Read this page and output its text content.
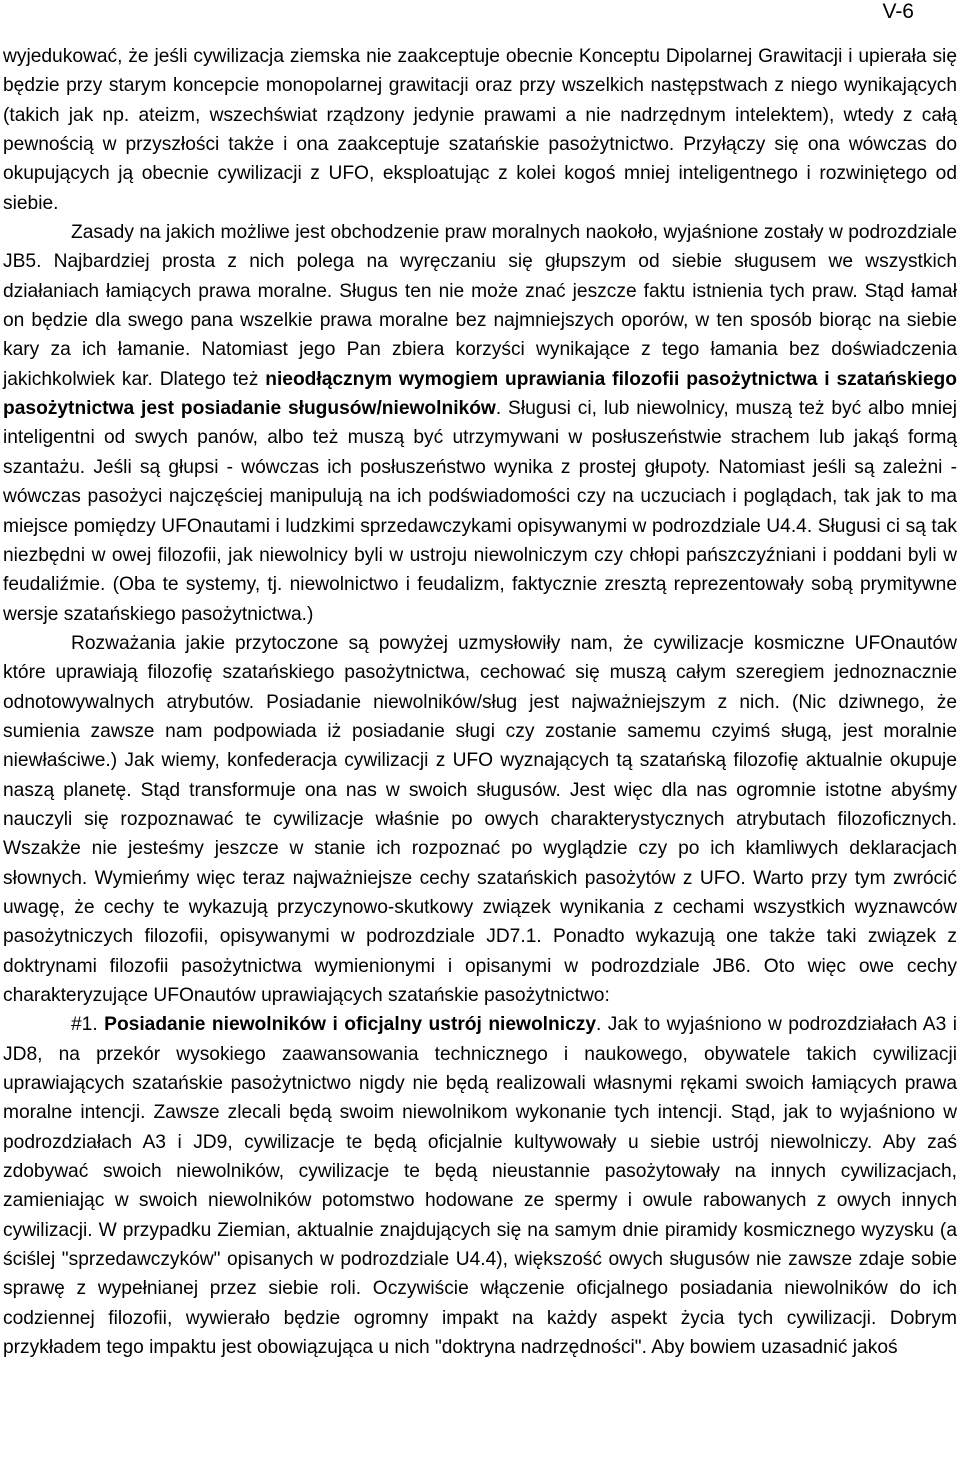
V-6

wyjedukować, że jeśli cywilizacja ziemska nie zaakceptuje obecnie Konceptu Dipolarnej Grawitacji i upierała się będzie przy starym koncepcie monopolarnej grawitacji oraz przy wszelkich następstwach z niego wynikających (takich jak np. ateizm, wszechświat rządzony jedynie prawami a nie nadrzędnym intelektem), wtedy z całą pewnością w przyszłości także i ona zaakceptuje szatańskie pasożytnictwo. Przyłączy się ona wówczas do okupujących ją obecnie cywilizacji z UFO, eksploatując z kolei kogoś mniej inteligentnego i rozwiniętego od siebie.

Zasady na jakich możliwe jest obchodzenie praw moralnych naokoło, wyjaśnione zostały w podrozdziale JB5. Najbardziej prosta z nich polega na wyręczaniu się głupszym od siebie sługusem we wszystkich działaniach łamiących prawa moralne. Sługus ten nie może znać jeszcze faktu istnienia tych praw. Stąd łamał on będzie dla swego pana wszelkie prawa moralne bez najmniejszych oporów, w ten sposób biorąc na siebie kary za ich łamanie. Natomiast jego Pan zbiera korzyści wynikające z tego łamania bez doświadczenia jakichkolwiek kar. Dlatego też nieodłącznym wymogiem uprawiania filozofii pasożytnictwa i szatańskiego pasożytnictwa jest posiadanie sługusów/niewolników. Sługusi ci, lub niewolnicy, muszą też być albo mniej inteligentni od swych panów, albo też muszą być utrzymywani w posłuszeństwie strachem lub jakąś formą szantażu. Jeśli są głupsi - wówczas ich posłuszeństwo wynika z prostej głupoty. Natomiast jeśli są zależni - wówczas pasożyci najczęściej manipulują na ich podświadomości czy na uczuciach i poglądach, tak jak to ma miejsce pomiędzy UFOnautami i ludzkimi sprzedawczykami opisywanymi w podrozdziale U4.4. Sługusi ci są tak niezbędni w owej filozofii, jak niewolnicy byli w ustroju niewolniczym czy chłopi pańszczyźniani i poddani byli w feudaliźmie. (Oba te systemy, tj. niewolnictwo i feudalizm, faktycznie zresztą reprezentowały sobą prymitywne wersje szatańskiego pasożytnictwa.)

Rozważania jakie przytoczone są powyżej uzmysłowiły nam, że cywilizacje kosmiczne UFOnautów które uprawiają filozofię szatańskiego pasożytnictwa, cechować się muszą całym szeregiem jednoznacznie odnotowywalnych atrybutów. Posiadanie niewolników/sług jest najważniejszym z nich. (Nic dziwnego, że sumienia zawsze nam podpowiada iż posiadanie sługi czy zostanie samemu czyimś sługą, jest moralnie niewłaściwe.) Jak wiemy, konfederacja cywilizacji z UFO wyznających tą szatańską filozofię aktualnie okupuje naszą planetę. Stąd transformuje ona nas w swoich sługusów. Jest więc dla nas ogromnie istotne abyśmy nauczyli się rozpoznawać te cywilizacje właśnie po owych charakterystycznych atrybutach filozoficznych. Wszakże nie jesteśmy jeszcze w stanie ich rozpoznać po wyglądzie czy po ich kłamliwych deklaracjach słownych. Wymieńmy więc teraz najważniejsze cechy szatańskich pasożytów z UFO. Warto przy tym zwrócić uwagę, że cechy te wykazują przyczynowo-skutkowy związek wynikania z cechami wszystkich wyznawców pasożytniczych filozofii, opisywanymi w podrozdziale JD7.1. Ponadto wykazują one także taki związek z doktrynami filozofii pasożytnictwa wymienionymi i opisanymi w podrozdziale JB6. Oto więc owe cechy charakteryzujące UFOnautów uprawiających szatańskie pasożytnictwo:

#1. Posiadanie niewolników i oficjalny ustrój niewolniczy. Jak to wyjaśniono w podrozdziałach A3 i JD8, na przekór wysokiego zaawansowania technicznego i naukowego, obywatele takich cywilizacji uprawiających szatańskie pasożytnictwo nigdy nie będą realizowali własnymi rękami swoich łamiących prawa moralne intencji. Zawsze zlecali będą swoim niewolnikom wykonanie tych intencji. Stąd, jak to wyjaśniono w podrozdziałach A3 i JD9, cywilizacje te będą oficjalnie kultywowały u siebie ustrój niewolniczy. Aby zaś zdobywać swoich niewolników, cywilizacje te będą nieustannie pasożytowały na innych cywilizacjach, zamieniając w swoich niewolników potomstwo hodowane ze spermy i owule rabowanych z owych innych cywilizacji. W przypadku Ziemian, aktualnie znajdujących się na samym dnie piramidy kosmicznego wyzysku (a ściślej "sprzedawczyków" opisanych w podrozdziale U4.4), większość owych sługusów nie zawsze zdaje sobie sprawę z wypełnianej przez siebie roli. Oczywiście włączenie oficjalnego posiadania niewolników do ich codziennej filozofii, wywierało będzie ogromny impakt na każdy aspekt życia tych cywilizacji. Dobrym przykładem tego impaktu jest obowiązująca u nich "doktryna nadrzędności". Aby bowiem uzasadnić jakoś
